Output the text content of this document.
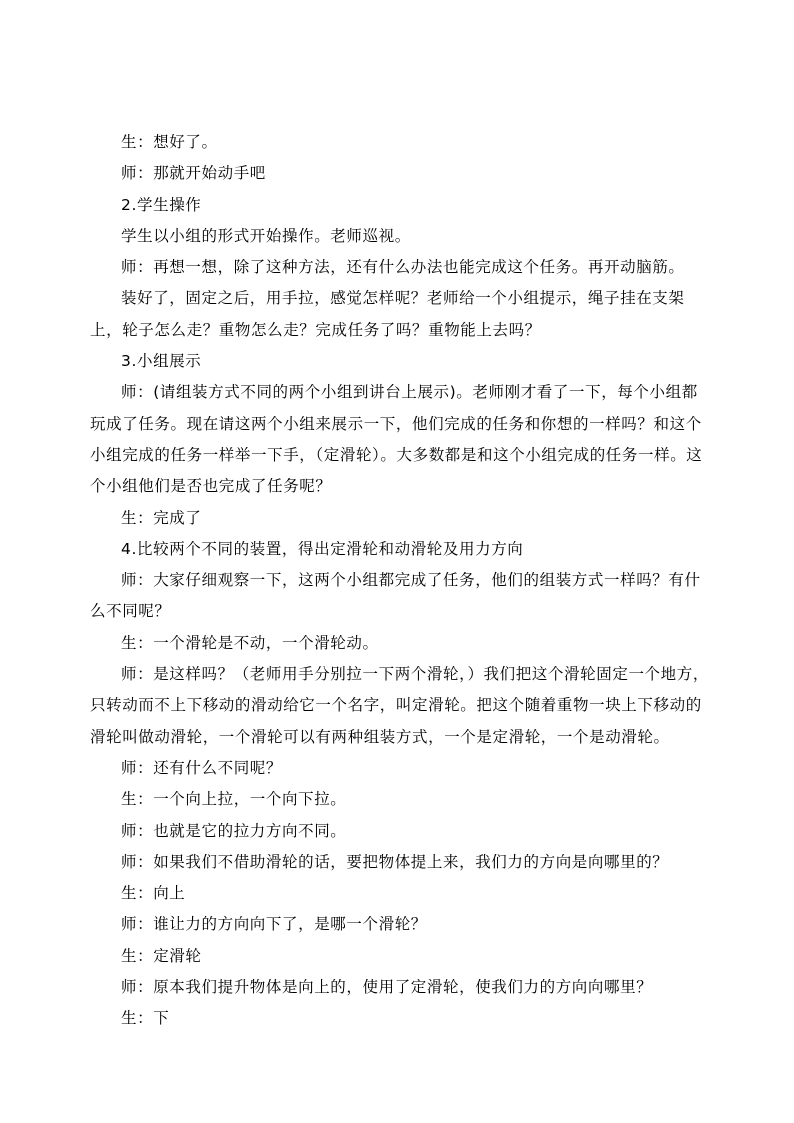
生：想好了。

师：那就开始动手吧

2.学生操作

学生以小组的形式开始操作。老师巡视。

师：再想一想，除了这种方法，还有什么办法也能完成这个任务。再开动脑筋。

装好了，固定之后，用手拉，感觉怎样呢？老师给一个小组提示，绳子挂在支架上，轮子怎么走？重物怎么走？完成任务了吗？重物能上去吗？

3.小组展示

师：(请组装方式不同的两个小组到讲台上展示)。老师刚才看了一下，每个小组都玩成了任务。现在请这两个小组来展示一下，他们完成的任务和你想的一样吗？和这个小组完成的任务一样举一下手，（定滑轮）。大多数都是和这个小组完成的任务一样。这个小组他们是否也完成了任务呢？

生：完成了

4.比较两个不同的装置，得出定滑轮和动滑轮及用力方向

师：大家仔细观察一下，这两个小组都完成了任务，他们的组装方式一样吗？有什么不同呢？

生：一个滑轮是不动，一个滑轮动。

师：是这样吗？（老师用手分别拉一下两个滑轮，）我们把这个滑轮固定一个地方，只转动而不上下移动的滑动给它一个名字，叫定滑轮。把这个随着重物一块上下移动的滑轮叫做动滑轮，一个滑轮可以有两种组装方式，一个是定滑轮，一个是动滑轮。

师：还有什么不同呢？

生：一个向上拉，一个向下拉。

师：也就是它的拉力方向不同。

师：如果我们不借助滑轮的话，要把物体提上来，我们力的方向是向哪里的？

生：向上

师：谁让力的方向向下了，是哪一个滑轮？

生：定滑轮

师：原本我们提升物体是向上的，使用了定滑轮，使我们力的方向向哪里？

生：下
